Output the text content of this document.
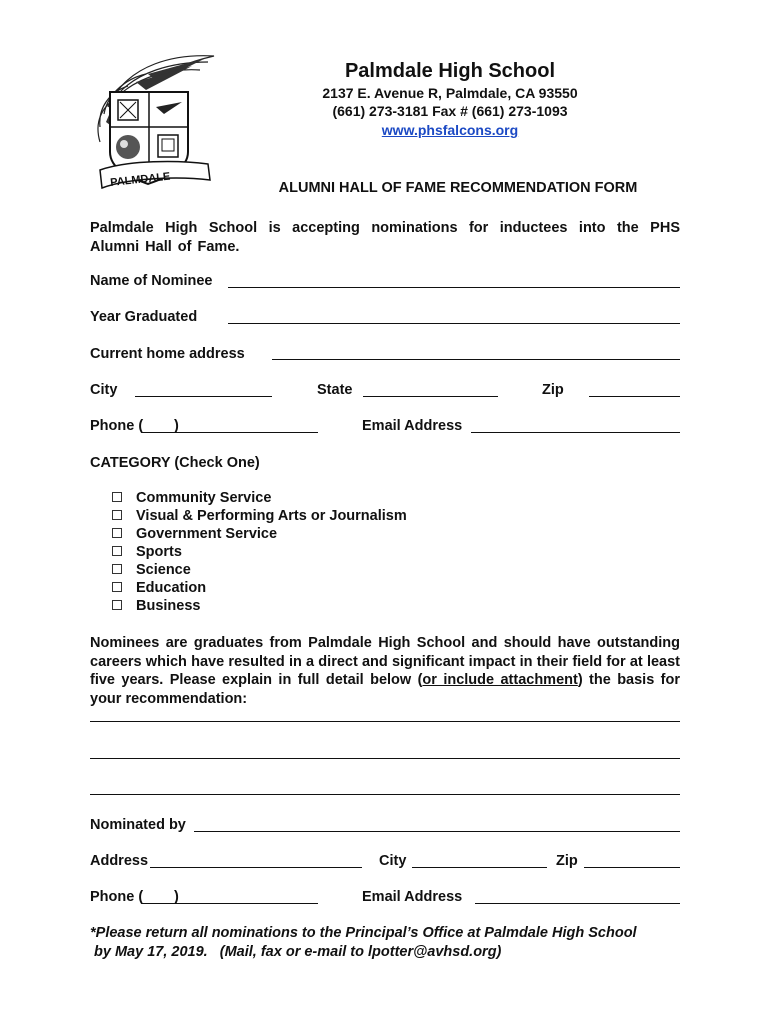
PALMDALE
Palmdale High School
2137 E. Avenue R, Palmdale, CA 93550
(661) 273-3181 Fax # (661) 273-1093
www.phsfalcons.org
ALUMNI HALL OF FAME RECOMMENDATION FORM
Palmdale High School is accepting nominations for inductees into the PHS Alumni Hall of Fame.
Name of Nominee
Year Graduated
Current home address
City	State	Zip
Phone ( )	Email Address
CATEGORY (Check One)
Community Service
Visual & Performing Arts or Journalism
Government Service
Sports
Science
Education
Business
Nominees are graduates from Palmdale High School and should have outstanding careers which have resulted in a direct and significant impact in their field for at least five years. Please explain in full detail below (or include attachment) the basis for your recommendation:
Nominated by
Address	City	Zip
Phone ( )	Email Address
*Please return all nominations to the Principal’s Office at Palmdale High School
by May 17, 2019.   (Mail, fax or e-mail to lpotter@avhsd.org)
